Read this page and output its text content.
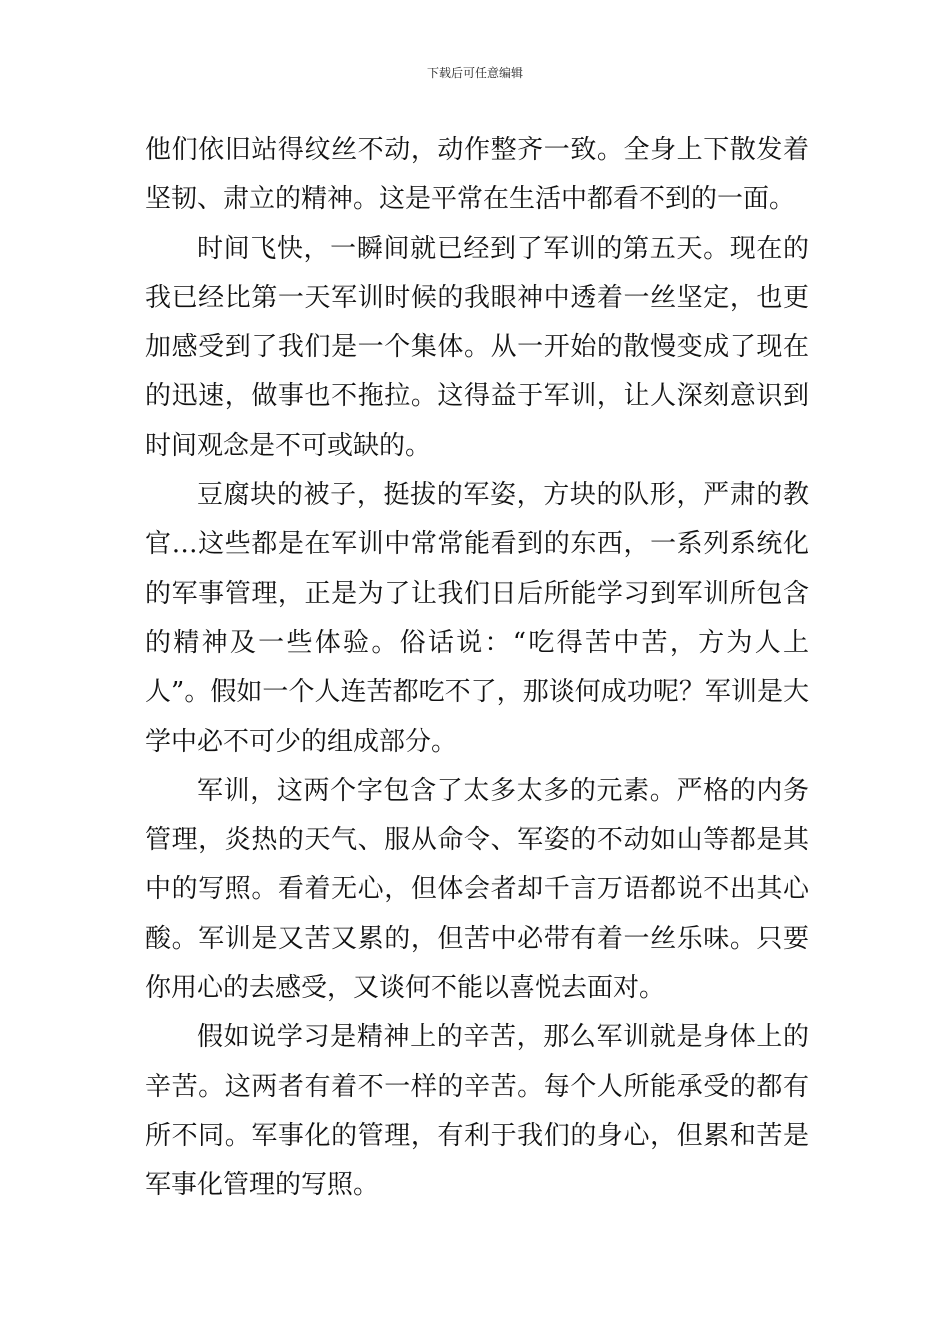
下载后可任意编辑

他们依旧站得纹丝不动，动作整齐一致。全身上下散发着坚韧、肃立的精神。这是平常在生活中都看不到的一面。

时间飞快，一瞬间就已经到了军训的第五天。现在的我已经比第一天军训时候的我眼神中透着一丝坚定，也更加感受到了我们是一个集体。从一开始的散慢变成了现在的迅速，做事也不拖拉。这得益于军训，让人深刻意识到时间观念是不可或缺的。

豆腐块的被子，挺拔的军姿，方块的队形，严肃的教官…这些都是在军训中常常能看到的东西，一系列系统化的军事管理，正是为了让我们日后所能学习到军训所包含的精神及一些体验。俗话说：“吃得苦中苦，方为人上人”。假如一个人连苦都吃不了，那谈何成功呢？军训是大学中必不可少的组成部分。

军训，这两个字包含了太多太多的元素。严格的内务管理，炎热的天气、服从命令、军姿的不动如山等都是其中的写照。看着无心，但体会者却千言万语都说不出其心酸。军训是又苦又累的，但苦中必带有着一丝乐味。只要你用心的去感受，又谈何不能以喜悦去面对。

假如说学习是精神上的辛苦，那么军训就是身体上的辛苦。这两者有着不一样的辛苦。每个人所能承受的都有所不同。军事化的管理，有利于我们的身心，但累和苦是军事化管理的写照。
